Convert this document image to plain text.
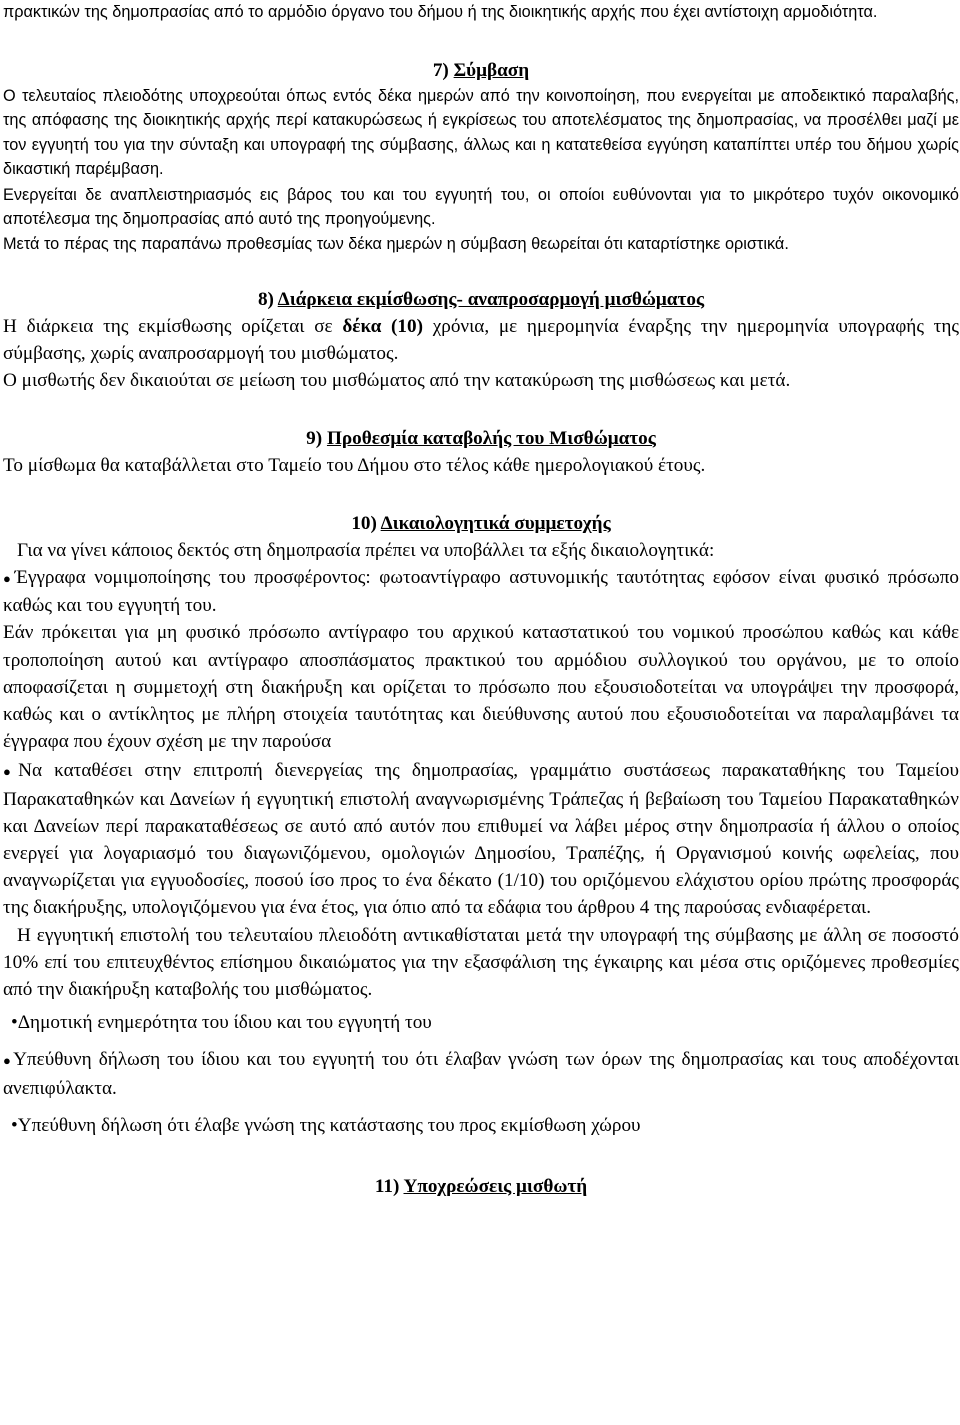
πρακτικών της δημοπρασίας από το αρμόδιο όργανο του δήμου ή της διοικητικής αρχής που έχει αντίστοιχη αρμοδιότητα.

7) Σύμβαση

Ο τελευταίος πλειοδότης υποχρεούται όπως εντός δέκα ημερών από την κοινοποίηση, που ενεργείται με αποδεικτικό παραλαβής, της απόφασης της διοικητικής αρχής περί κατακυρώσεως ή εγκρίσεως του αποτελέσματος της δημοπρασίας, να προσέλθει μαζί με τον εγγυητή του για την σύνταξη και υπογραφή της σύμβασης, άλλως και η κατατεθείσα εγγύηση καταπίπτει υπέρ του δήμου χωρίς δικαστική παρέμβαση.

Ενεργείται δε αναπλειστηριασμός εις βάρος του και του εγγυητή του, οι οποίοι ευθύνονται για το μικρότερο τυχόν οικονομικό αποτέλεσμα της δημοπρασίας από αυτό της προηγούμενης.

Μετά το πέρας της παραπάνω προθεσμίας των δέκα ημερών η σύμβαση θεωρείται ότι καταρτίστηκε οριστικά.

8) Διάρκεια εκμίσθωσης- αναπροσαρμογή μισθώματος

Η διάρκεια της εκμίσθωσης ορίζεται σε δέκα (10) χρόνια, με ημερομηνία έναρξης την ημερομηνία υπογραφής της σύμβασης, χωρίς αναπροσαρμογή του μισθώματος.

Ο μισθωτής δεν δικαιούται σε μείωση του μισθώματος από την κατακύρωση της μισθώσεως και μετά.

9) Προθεσμία καταβολής του Μισθώματος

Το μίσθωμα θα καταβάλλεται στο Ταμείο του Δήμου στο τέλος κάθε ημερολογιακού έτους.

10) Δικαιολογητικά συμμετοχής

Για να γίνει κάποιος δεκτός στη δημοπρασία πρέπει να υποβάλλει τα εξής δικαιολογητικά:

●Έγγραφα νομιμοποίησης του προσφέροντος: φωτοαντίγραφο αστυνομικής ταυτότητας εφόσον είναι φυσικό πρόσωπο καθώς και του εγγυητή του.

Εάν πρόκειται για μη φυσικό πρόσωπο αντίγραφο του αρχικού καταστατικού του νομικού προσώπου καθώς και κάθε τροποποίηση αυτού και αντίγραφο αποσπάσματος πρακτικού του αρμόδιου συλλογικού του οργάνου, με το οποίο αποφασίζεται η συμμετοχή στη διακήρυξη και ορίζεται το πρόσωπο που εξουσιοδοτείται να υπογράψει την προσφορά, καθώς και ο αντίκλητος με πλήρη στοιχεία ταυτότητας και διεύθυνσης αυτού που εξουσιοδοτείται να παραλαμβάνει τα έγγραφα που έχουν σχέση με την παρούσα

●Να καταθέσει στην επιτροπή διενεργείας της δημοπρασίας, γραμμάτιο συστάσεως παρακαταθήκης του Ταμείου Παρακαταθηκών και Δανείων ή εγγυητική επιστολή αναγνωρισμένης Τράπεζας ή βεβαίωση του Ταμείου Παρακαταθηκών και Δανείων περί παρακαταθέσεως σε αυτό από αυτόν που επιθυμεί να λάβει μέρος στην δημοπρασία ή άλλου ο οποίος ενεργεί για λογαριασμό του διαγωνιζόμενου, ομολογιών Δημοσίου, Τραπέζης, ή Οργανισμού κοινής ωφελείας, που αναγνωρίζεται για εγγυοδοσίες, ποσού ίσο προς το ένα δέκατο (1/10) του οριζόμενου ελάχιστου ορίου πρώτης προσφοράς της διακήρυξης, υπολογιζόμενου για ένα έτος, για όπιο από τα εδάφια του άρθρου 4 της παρούσας ενδιαφέρεται.

Η εγγυητική επιστολή του τελευταίου πλειοδότη αντικαθίσταται μετά την υπογραφή της σύμβασης με άλλη σε ποσοστό 10% επί του επιτευχθέντος επίσημου δικαιώματος για την εξασφάλιση της έγκαιρης και μέσα στις οριζόμενες προθεσμίες από την διακήρυξη καταβολής του μισθώματος.

•Δημοτική ενημερότητα του ίδιου και του εγγυητή του

●Υπεύθυνη δήλωση του ίδιου και του εγγυητή του ότι έλαβαν γνώση των όρων της δημοπρασίας και τους αποδέχονται ανεπιφύλακτα.

•Υπεύθυνη δήλωση ότι έλαβε γνώση της κατάστασης του προς εκμίσθωση χώρου

11) Υποχρεώσεις μισθωτή
